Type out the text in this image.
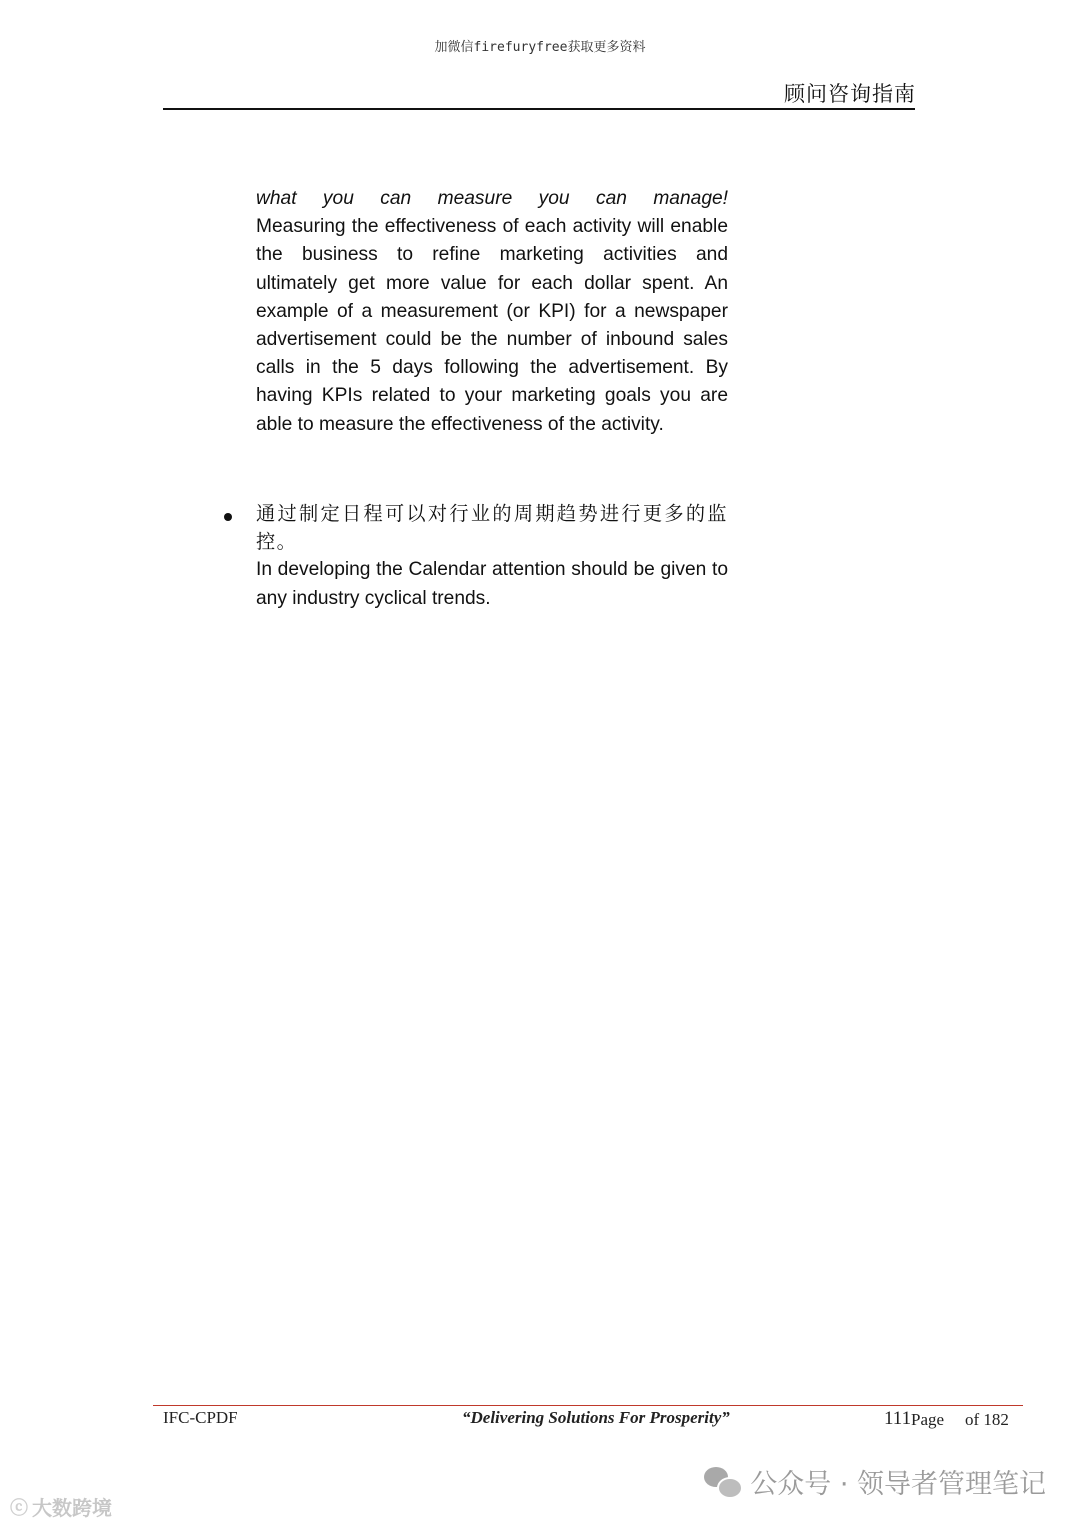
加微信firefuryfree获取更多资料
顾问咨询指南
what you can measure you can manage!
Measuring the effectiveness of each activity will enable the business to refine marketing activities and ultimately get more value for each dollar spent. An example of a measurement (or KPI) for a newspaper advertisement could be the number of inbound sales calls in the 5 days following the advertisement. By having KPIs related to your marketing goals you are able to measure the effectiveness of the activity.
通过制定日程可以对行业的周期趋势进行更多的监控。
In developing the Calendar attention should be given to any industry cyclical trends.
IFC-CPDF	“Delivering Solutions For Prosperity”	111 Page of 182
ⓒ 大数跨境
公众号 · 领导者管理笔记
